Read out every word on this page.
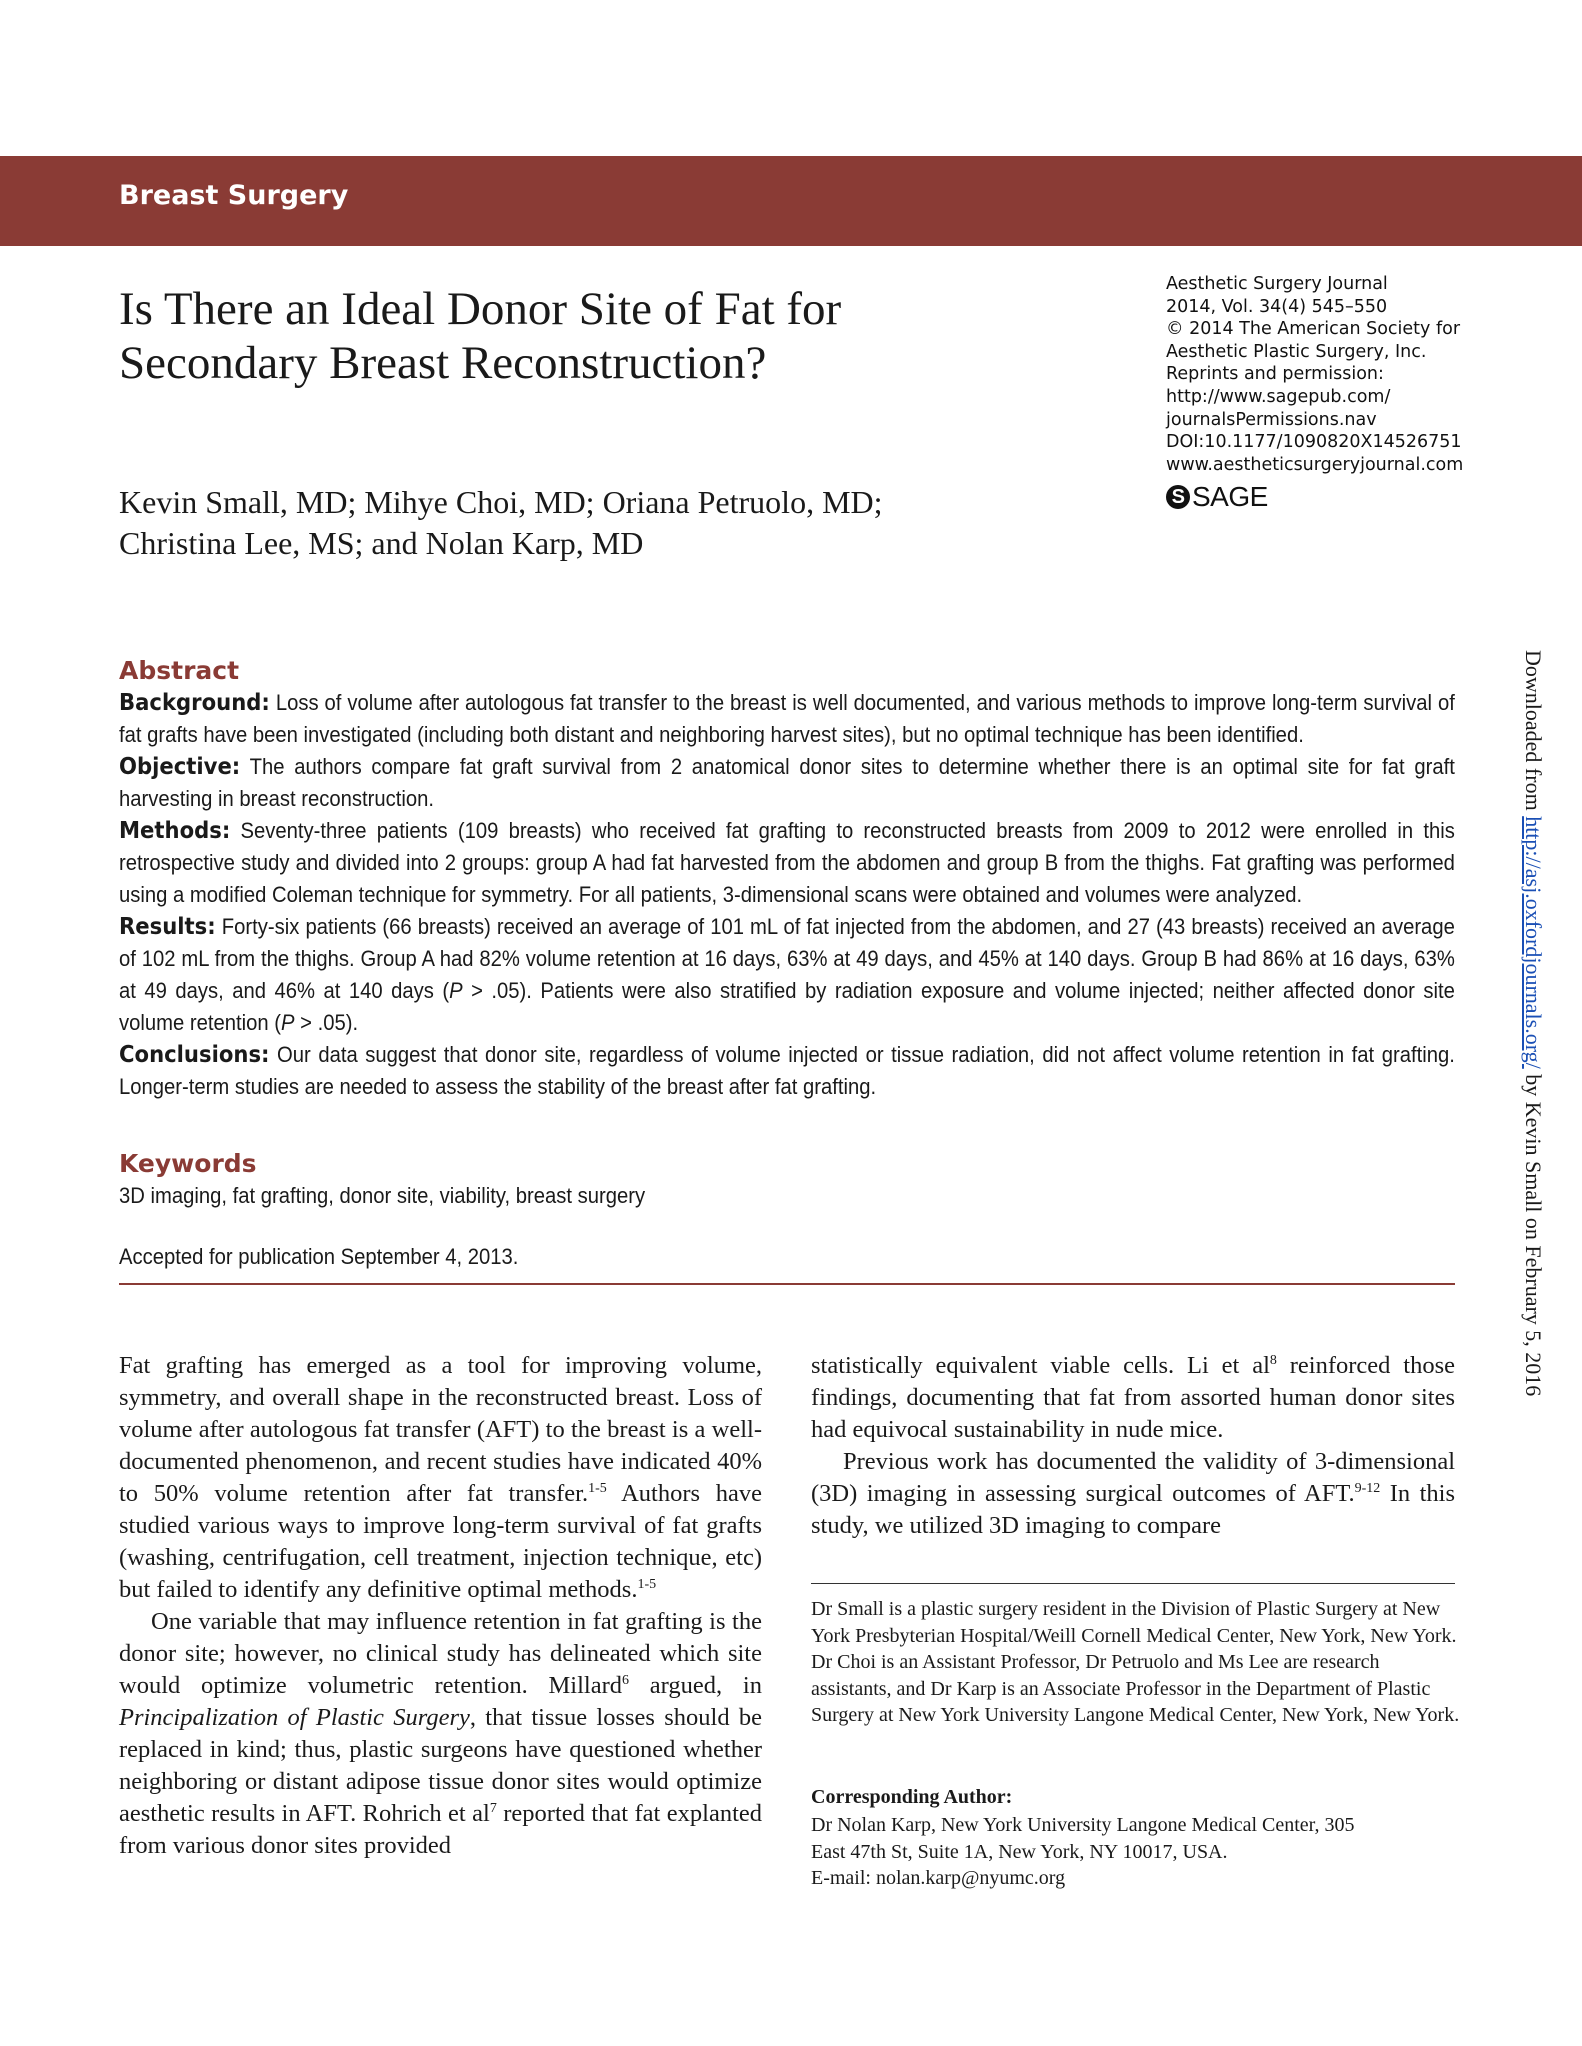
Breast Surgery
Is There an Ideal Donor Site of Fat for
Secondary Breast Reconstruction?
Kevin Small, MD; Mihye Choi, MD; Oriana Petruolo, MD;
Christina Lee, MS; and Nolan Karp, MD
Aesthetic Surgery Journal
2014, Vol. 34(4) 545–550
© 2014 The American Society for
Aesthetic Plastic Surgery, Inc.
Reprints and permission:
http://www.sagepub.com/
journalsPermissions.nav
DOI:10.1177/1090820X14526751
www.aestheticsurgeryjournal.com
S SAGE
Downloaded from http://asj.oxfordjournals.org/ by Kevin Small on February 5, 2016
Abstract

Background: Loss of volume after autologous fat transfer to the breast is well documented, and various methods to improve long-term survival of fat grafts have been investigated (including both distant and neighboring harvest sites), but no optimal technique has been identified.

Objective: The authors compare fat graft survival from 2 anatomical donor sites to determine whether there is an optimal site for fat graft harvesting in breast reconstruction.

Methods: Seventy-three patients (109 breasts) who received fat grafting to reconstructed breasts from 2009 to 2012 were enrolled in this retrospective study and divided into 2 groups: group A had fat harvested from the abdomen and group B from the thighs. Fat grafting was performed using a modified Coleman technique for symmetry. For all patients, 3-dimensional scans were obtained and volumes were analyzed.

Results: Forty-six patients (66 breasts) received an average of 101 mL of fat injected from the abdomen, and 27 (43 breasts) received an average of 102 mL from the thighs. Group A had 82% volume retention at 16 days, 63% at 49 days, and 45% at 140 days. Group B had 86% at 16 days, 63% at 49 days, and 46% at 140 days (P > .05). Patients were also stratified by radiation exposure and volume injected; neither affected donor site volume retention (P > .05).

Conclusions: Our data suggest that donor site, regardless of volume injected or tissue radiation, did not affect volume retention in fat grafting. Longer-term studies are needed to assess the stability of the breast after fat grafting.

Keywords
3D imaging, fat grafting, donor site, viability, breast surgery
Accepted for publication September 4, 2013.

Fat grafting has emerged as a tool for improving volume, symmetry, and overall shape in the reconstructed breast. Loss of volume after autologous fat transfer (AFT) to the breast is a well-documented phenomenon, and recent studies have indicated 40% to 50% volume retention after fat transfer.$^{1-5}$ Authors have studied various ways to improve long-term survival of fat grafts (washing, centrifugation, cell treatment, injection technique, etc) but failed to identify any definitive optimal methods.$^{1-5}$

One variable that may influence retention in fat grafting is the donor site; however, no clinical study has delineated which site would optimize volumetric retention. Millard$^6$ argued, in Principalization of Plastic Surgery, that tissue losses should be replaced in kind; thus, plastic surgeons have questioned whether neighboring or distant adipose tissue donor sites would optimize aesthetic results in AFT. Rohrich et $al^7$ reported that fat explanted from various donor sites provided

statistically equivalent viable cells. Li et $al^8$ reinforced those findings, documenting that fat from assorted human donor sites had equivocal sustainability in nude mice.

Previous work has documented the validity of 3-dimensional (3D) imaging in assessing surgical outcomes of AFT.$^{9-12}$ In this study, we utilized 3D imaging to compare

Dr Small is a plastic surgery resident in the Division of Plastic Surgery at New York Presbyterian Hospital/Weill Cornell Medical Center, New York, New York. Dr Choi is an Assistant Professor, Dr Petruolo and Ms Lee are research assistants, and Dr Karp is an Associate Professor in the Department of Plastic Surgery at New York University Langone Medical Center, New York, New York.
Corresponding Author:
Dr Nolan Karp, New York University Langone Medical Center, 305
East 47th St, Suite 1A, New York, NY 10017, USA.
E-mail: nolan.karp@nyumc.org
